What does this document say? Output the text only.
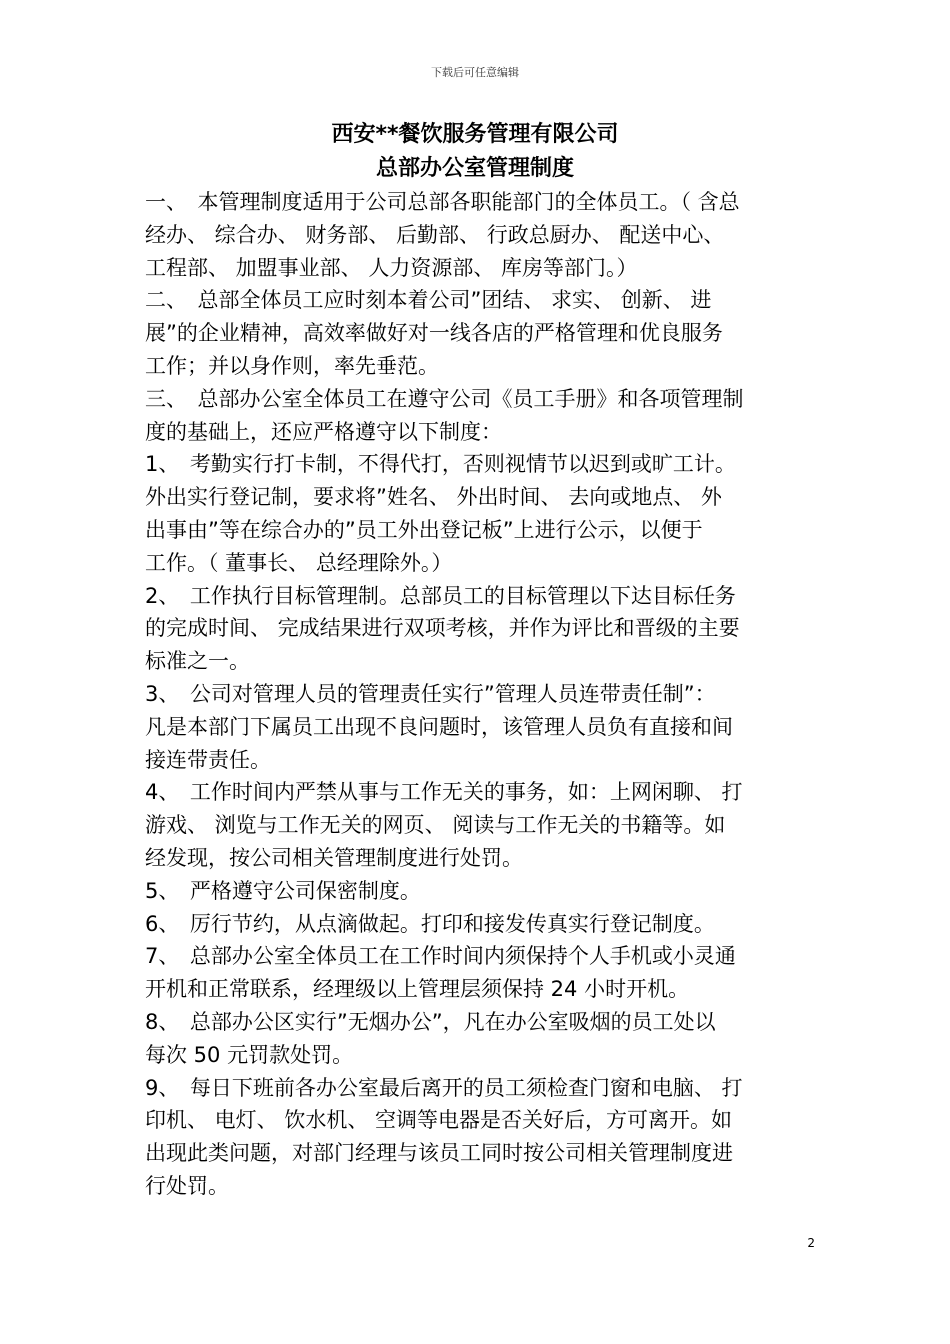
下载后可任意编辑
西安**餐饮服务管理有限公司
总部办公室管理制度
一、　本管理制度适用于公司总部各职能部门的全体员工。（ 含总
经办、 综合办、 财务部、 后勤部、 行政总厨办、 配送中心、
工程部、 加盟事业部、 人力资源部、 库房等部门。）
二、　总部全体员工应时刻本着公司”团结、 求实、 创新、 进
展”的企业精神，高效率做好对一线各店的严格管理和优良服务
工作；并以身作则，率先垂范。
三、　总部办公室全体员工在遵守公司《员工手册》和各项管理制
度的基础上，还应严格遵守以下制度：
1、　考勤实行打卡制，不得代打，否则视情节以迟到或旷工计。
外出实行登记制，要求将”姓名、 外出时间、 去向或地点、 外
出事由”等在综合办的”员工外出登记板”上进行公示，以便于
工作。（ 董事长、 总经理除外。）
2、　工作执行目标管理制。总部员工的目标管理以下达目标任务
的完成时间、 完成结果进行双项考核，并作为评比和晋级的主要
标准之一。
3、　公司对管理人员的管理责任实行”管理人员连带责任制”：
凡是本部门下属员工出现不良问题时，该管理人员负有直接和间
接连带责任。
4、　工作时间内严禁从事与工作无关的事务，如：上网闲聊、 打
游戏、 浏览与工作无关的网页、 阅读与工作无关的书籍等。如
经发现，按公司相关管理制度进行处罚。
5、　严格遵守公司保密制度。
6、　厉行节约，从点滴做起。打印和接发传真实行登记制度。
7、　总部办公室全体员工在工作时间内须保持个人手机或小灵通
开机和正常联系，经理级以上管理层须保持 24 小时开机。
8、　总部办公区实行”无烟办公”，凡在办公室吸烟的员工处以
每次 50 元罚款处罚。
9、　每日下班前各办公室最后离开的员工须检查门窗和电脑、 打
印机、 电灯、 饮水机、 空调等电器是否关好后，方可离开。如
出现此类问题，对部门经理与该员工同时按公司相关管理制度进
行处罚。
2
